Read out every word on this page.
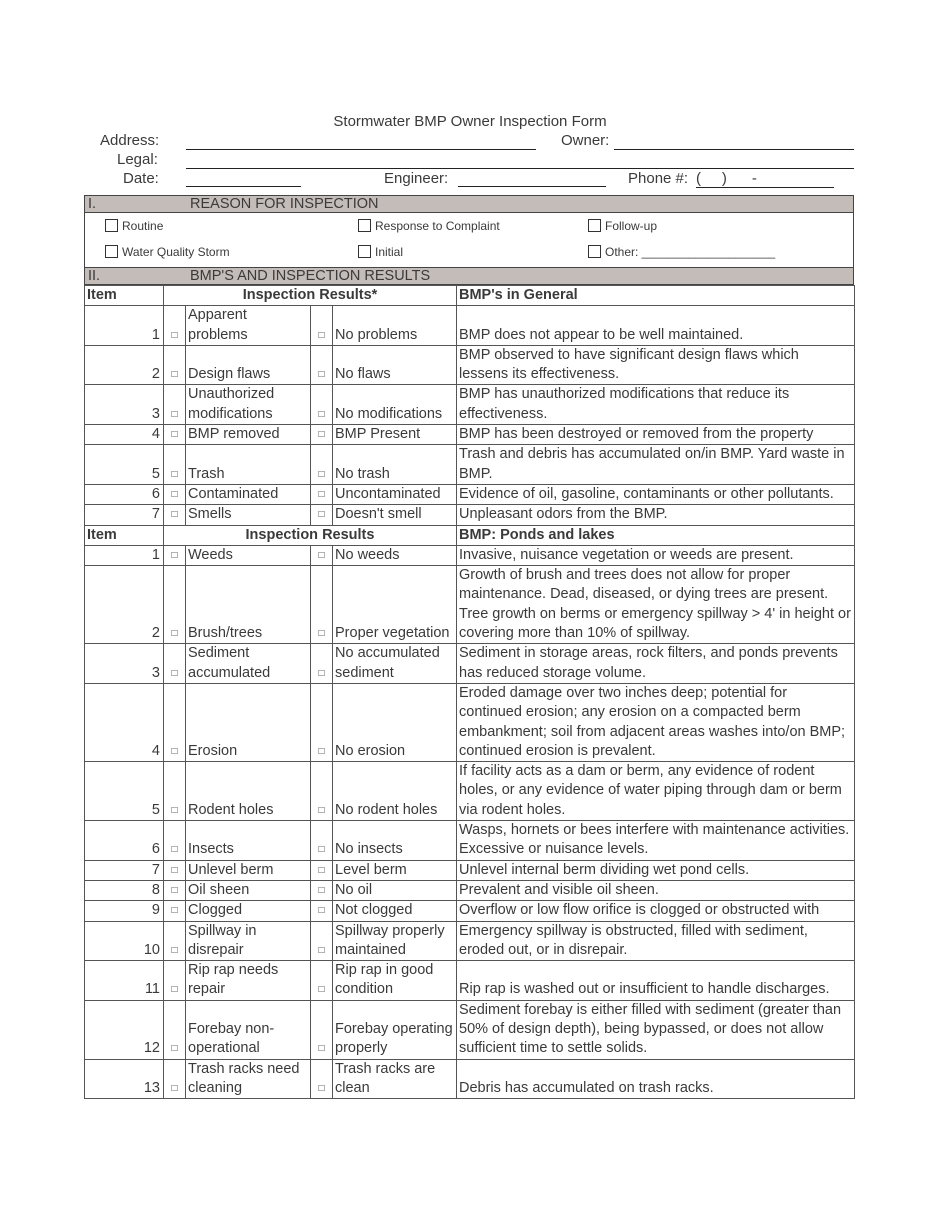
Stormwater BMP Owner Inspection Form
Address:	Owner:
Legal:
Date:	Engineer:	Phone #: (     )      -
I.	REASON FOR INSPECTION
Routine	Response to Complaint	Follow-up
Water Quality Storm	Initial	Other: ____________________
II.	BMP'S AND INSPECTION RESULTS
Item	Inspection Results*				BMP's in General
1	□	Apparent problems	□	No problems	BMP does not appear to be well maintained.
2	□	Design flaws	□	No flaws	BMP observed to have significant design flaws which lessens its effectiveness.
3	□	Unauthorized modifications	□	No modifications	BMP has unauthorized modifications that reduce its effectiveness.
4	□	BMP removed	□	BMP Present	BMP has been destroyed or removed from the property
5	□	Trash	□	No trash	Trash and debris has accumulated on/in BMP. Yard waste in BMP.
6	□	Contaminated	□	Uncontaminated	Evidence of oil, gasoline, contaminants or other pollutants.
7	□	Smells	□	Doesn't smell	Unpleasant odors from the BMP.
Item	Inspection Results				BMP: Ponds and lakes
1	□	Weeds	□	No weeds	Invasive, nuisance vegetation or weeds are present.
2	□	Brush/trees	□	Proper vegetation	Growth of brush and trees does not allow for proper maintenance. Dead, diseased, or dying trees are present. Tree growth on berms or emergency spillway > 4' in height or covering more than 10% of spillway.
3	□	Sediment accumulated	□	No accumulated sediment	Sediment in storage areas, rock filters, and ponds prevents has reduced storage volume.
4	□	Erosion	□	No erosion	Eroded damage over two inches deep; potential for continued erosion; any erosion on a compacted berm embankment; soil from adjacent areas washes into/on BMP; continued erosion is prevalent.
5	□	Rodent holes	□	No rodent holes	If facility acts as a dam or berm, any evidence of rodent holes, or any evidence of water piping through dam or berm via rodent holes.
6	□	Insects	□	No insects	Wasps, hornets or bees interfere with maintenance activities. Excessive or nuisance levels.
7	□	Unlevel berm	□	Level berm	Unlevel internal berm dividing wet pond cells.
8	□	Oil sheen	□	No oil	Prevalent and visible oil sheen.
9	□	Clogged	□	Not clogged	Overflow or low flow orifice is clogged or obstructed with
10	□	Spillway in disrepair	□	Spillway properly maintained	Emergency spillway is obstructed, filled with sediment, eroded out, or in disrepair.
11	□	Rip rap needs repair	□	Rip rap in good condition	Rip rap is washed out or insufficient to handle discharges.
12	□	Forebay non-operational	□	Forebay operating properly	Sediment forebay is either filled with sediment (greater than 50% of design depth), being bypassed, or does not allow sufficient time to settle solids.
13	□	Trash racks need cleaning	□	Trash racks are clean	Debris has accumulated on trash racks.
